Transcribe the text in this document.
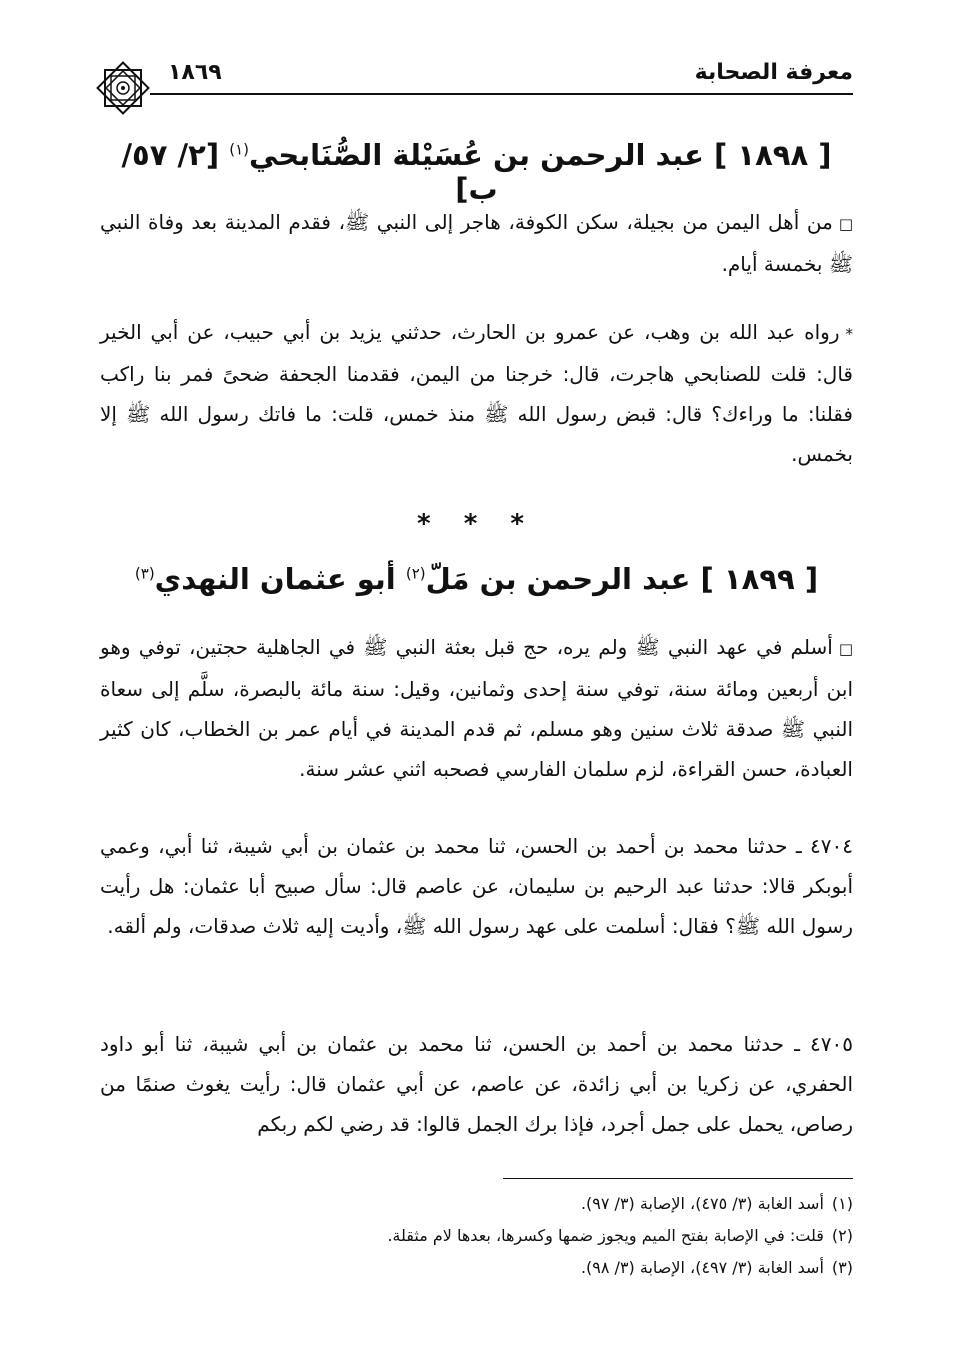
معرفة الصحابة
١٨٦٩
[ ١٨٩٨ ] عبد الرحمن بن عُسَيْلة الصُّنَابحي$^{(١)}$ [٢/ ٥٧/ ب]

□من أهل اليمن من بجيلة، سكن الكوفة، هاجر إلى النبي ﷺ، فقدم المدينة بعد وفاة النبي ﷺ بخمسة أيام.

*رواه عبد الله بن وهب، عن عمرو بن الحارث، حدثني يزيد بن أبي حبيب، عن أبي الخير قال: قلت للصنابحي هاجرت، قال: خرجنا من اليمن، فقدمنا الجحفة ضحىً فمر بنا راكب فقلنا: ما وراءك؟ قال: قبض رسول الله ﷺ منذ خمس، قلت: ما فاتك رسول الله ﷺ إلا بخمس.

* * *
[ ١٨٩٩ ] عبد الرحمن بن مَلّ$^{(٢)}$ أبو عثمان النهدي$^{(٣)}$

□أسلم في عهد النبي ﷺ ولم يره، حج قبل بعثة النبي ﷺ في الجاهلية حجتين، توفي وهو ابن أربعين ومائة سنة، توفي سنة إحدى وثمانين، وقيل: سنة مائة بالبصرة، سلَّم إلى سعاة النبي ﷺ صدقة ثلاث سنين وهو مسلم، ثم قدم المدينة في أيام عمر بن الخطاب، كان كثير العبادة، حسن القراءة، لزم سلمان الفارسي فصحبه اثني عشر سنة.

٤٧٠٤ ـ حدثنا محمد بن أحمد بن الحسن، ثنا محمد بن عثمان بن أبي شيبة، ثنا أبي، وعمي أبوبكر قالا: حدثنا عبد الرحيم بن سليمان، عن عاصم قال: سأل صبيح أبا عثمان: هل رأيت رسول الله ﷺ؟ فقال: أسلمت على عهد رسول الله ﷺ، وأديت إليه ثلاث صدقات، ولم ألقه.

٤٧٠٥ ـ حدثنا محمد بن أحمد بن الحسن، ثنا محمد بن عثمان بن أبي شيبة، ثنا أبو داود الحفري، عن زكريا بن أبي زائدة، عن عاصم، عن أبي عثمان قال: رأيت يغوث صنمًا من رصاص، يحمل على جمل أجرد، فإذا برك الجمل قالوا: قد رضي لكم ربكم

(١)أسد الغابة (٣/ ٤٧٥)، الإصابة (٣/ ٩٧).
(٢)قلت: في الإصابة بفتح الميم ويجوز ضمها وكسرها، بعدها لام مثقلة.
(٣)أسد الغابة (٣/ ٤٩٧)، الإصابة (٣/ ٩٨).
